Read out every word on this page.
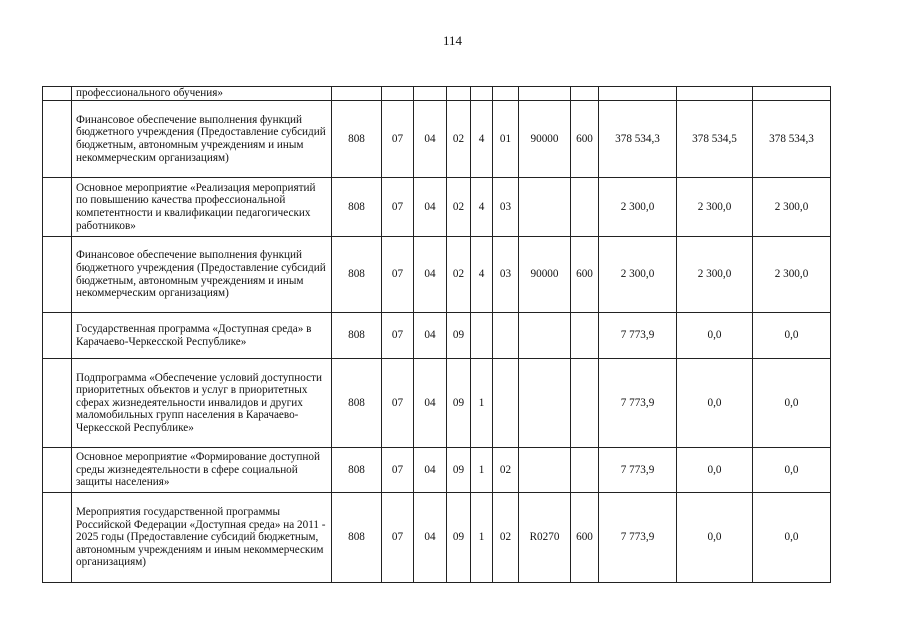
114
	профессионального обучения»											
	Финансовое обеспечение выполнения функций бюджетного учреждения (Предоставление субсидий бюджетным, автономным учреждениям и иным некоммерческим организациям)	808	07	04	02	4	01	90000	600	378 534,3	378 534,5	378 534,3
	Основное мероприятие «Реализация мероприятий по повышению качества профессиональной компетентности и квалификации педагогических работников»	808	07	04	02	4	03			2 300,0	2 300,0	2 300,0
	Финансовое обеспечение выполнения функций бюджетного учреждения (Предоставление субсидий бюджетным, автономным учреждениям и иным некоммерческим организациям)	808	07	04	02	4	03	90000	600	2 300,0	2 300,0	2 300,0
	Государственная программа «Доступная среда» в Карачаево-Черкесской Республике»	808	07	04	09					7 773,9	0,0	0,0
	Подпрограмма «Обеспечение условий доступности приоритетных объектов и услуг в приоритетных сферах жизнедеятельности инвалидов и других маломобильных групп населения в Карачаево-Черкесской Республике»	808	07	04	09	1				7 773,9	0,0	0,0
	Основное мероприятие «Формирование доступной среды жизнедеятельности в сфере социальной защиты населения»	808	07	04	09	1	02			7 773,9	0,0	0,0
	Мероприятия государственной программы Российской Федерации «Доступная среда» на 2011 - 2025 годы (Предоставление субсидий бюджетным, автономным учреждениям и иным некоммерческим организациям)	808	07	04	09	1	02	R0270	600	7 773,9	0,0	0,0
